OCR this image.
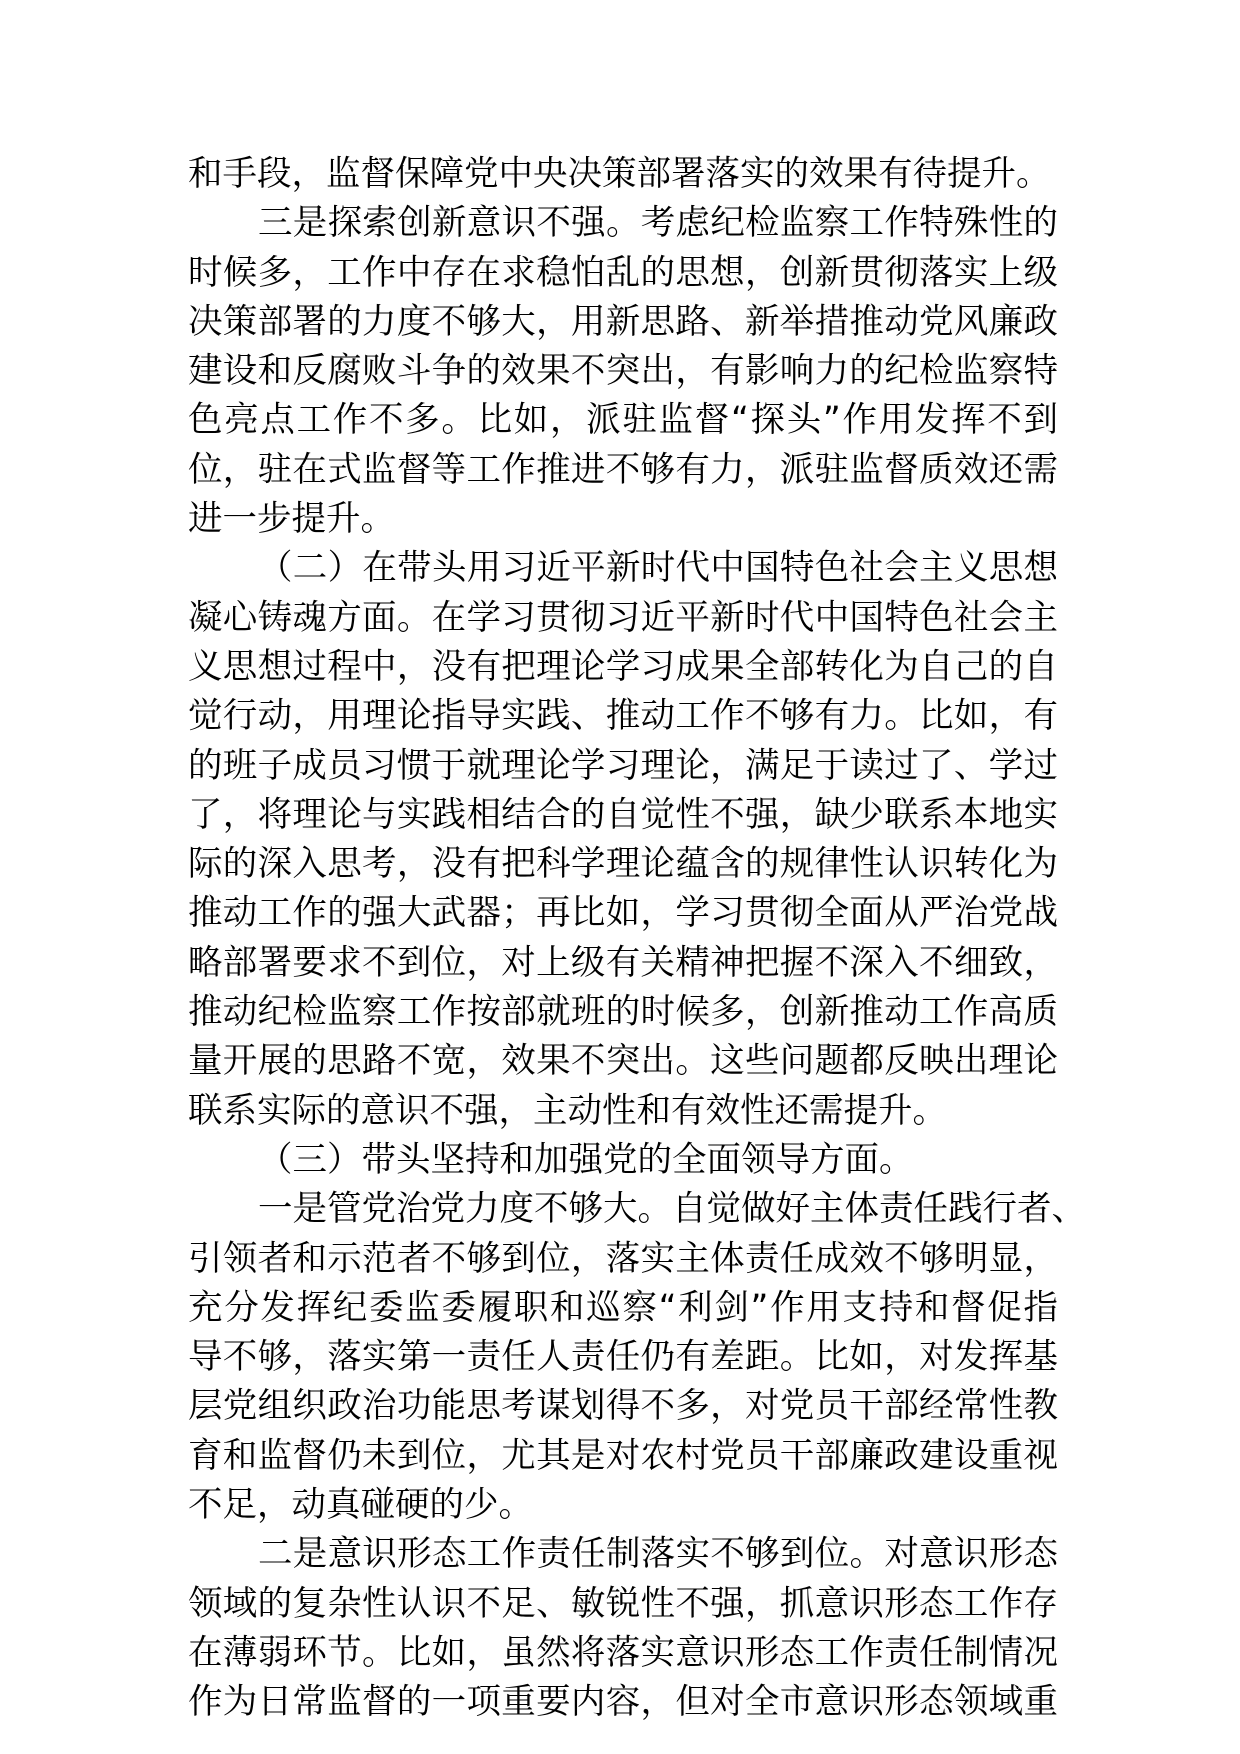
和手段，监督保障党中央决策部署落实的效果有待提升。
三是探索创新意识不强。考虑纪检监察工作特殊性的
时候多，工作中存在求稳怕乱的思想，创新贯彻落实上级
决策部署的力度不够大，用新思路、新举措推动党风廉政
建设和反腐败斗争的效果不突出，有影响力的纪检监察特
色亮点工作不多。比如，派驻监督“探头”作用发挥不到
位，驻在式监督等工作推进不够有力，派驻监督质效还需
进一步提升。
（二）在带头用习近平新时代中国特色社会主义思想
凝心铸魂方面。在学习贯彻习近平新时代中国特色社会主
义思想过程中，没有把理论学习成果全部转化为自己的自
觉行动，用理论指导实践、推动工作不够有力。比如，有
的班子成员习惯于就理论学习理论，满足于读过了、学过
了，将理论与实践相结合的自觉性不强，缺少联系本地实
际的深入思考，没有把科学理论蕴含的规律性认识转化为
推动工作的强大武器；再比如，学习贯彻全面从严治党战
略部署要求不到位，对上级有关精神把握不深入不细致，
推动纪检监察工作按部就班的时候多，创新推动工作高质
量开展的思路不宽，效果不突出。这些问题都反映出理论
联系实际的意识不强，主动性和有效性还需提升。
（三）带头坚持和加强党的全面领导方面。
一是管党治党力度不够大。自觉做好主体责任践行者、
引领者和示范者不够到位，落实主体责任成效不够明显，
充分发挥纪委监委履职和巡察“利剑”作用支持和督促指
导不够，落实第一责任人责任仍有差距。比如，对发挥基
层党组织政治功能思考谋划得不多，对党员干部经常性教
育和监督仍未到位，尤其是对农村党员干部廉政建设重视
不足，动真碰硬的少。
二是意识形态工作责任制落实不够到位。对意识形态
领域的复杂性认识不足、敏锐性不强，抓意识形态工作存
在薄弱环节。比如，虽然将落实意识形态工作责任制情况
作为日常监督的一项重要内容，但对全市意识形态领域重
